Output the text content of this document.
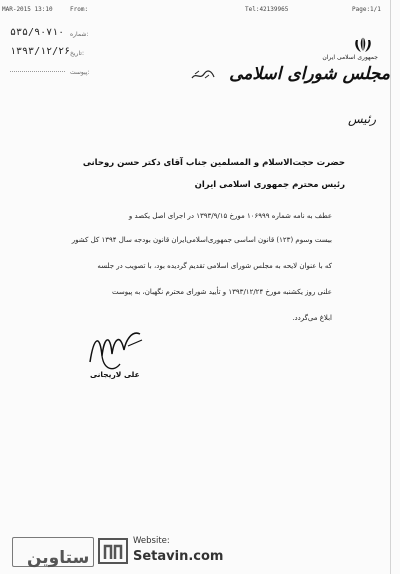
MAR-2015 13:10	From:	Tel:42139965	Page:1/1
۵۳۵/۹۰۷۱۰ شماره:
۱۳۹۳/۱۲/۲۶ تاریخ:
پیوست:
جمهوری اسلامی ایران
مجلس شورای اسلامی
رئیس
حضرت حجت‌الاسلام و المسلمین جناب آقای دکتر حسن روحانی
رئیس محترم جمهوری اسلامی ایران
عطف به نامه شماره ۱۰۶۹۹۹ مورخ ۱۳۹۳/۹/۱۵ در اجرای اصل یکصد و
بیست وسوم (۱۲۳) قانون اساسی جمهوری‌اسلامی‌ایران قانون بودجه سال ۱۳۹۴ کل کشور
که با عنوان لایحه به مجلس شورای اسلامی تقدیم گردیده بود، با تصویب در جلسه
علنی روز یکشنبه مورخ ۱۳۹۳/۱۲/۲۴ و تأیید شورای محترم نگهبان، به پیوست
ابلاغ می‌گردد.
علی لاریجانی
ستاوین
Website:
Setavin.com
